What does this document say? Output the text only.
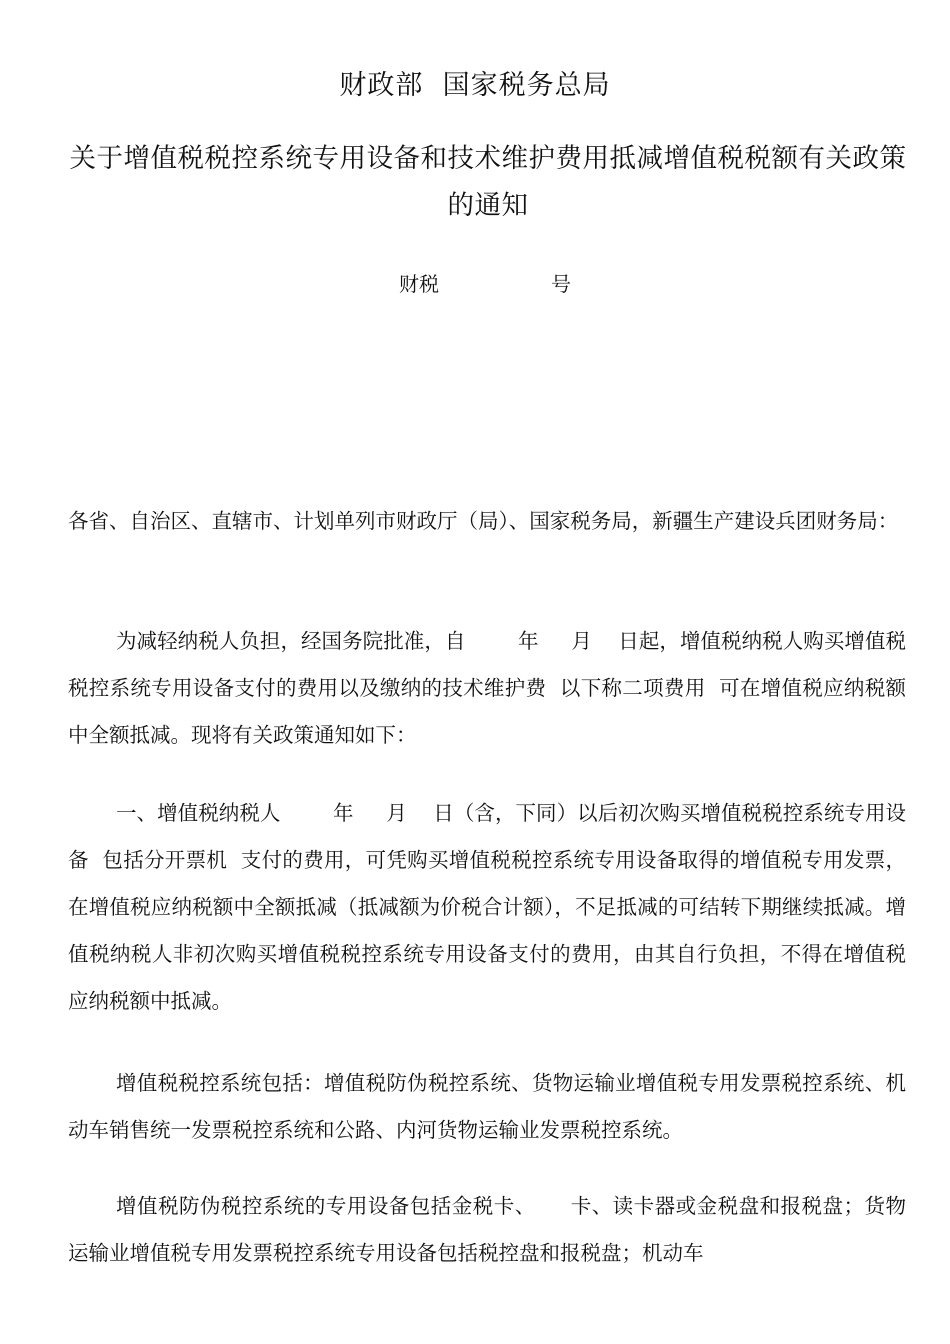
财政部  国家税务总局
关于增值税税控系统专用设备和技术维护费用抵减增值税税额有关政策的通知
财税	号

各省、自治区、直辖市、计划单列市财政厅（局）、国家税务局，新疆生产建设兵团财务局：

为减轻纳税人负担，经国务院批准，自        年     月    日起，增值税纳税人购买增值税税控系统专用设备支付的费用以及缴纳的技术维护费  以下称二项费用  可在增值税应纳税额中全额抵减。现将有关政策通知如下：

一、增值税纳税人        年     月    日（含，下同）以后初次购买增值税税控系统专用设备  包括分开票机  支付的费用，可凭购买增值税税控系统专用设备取得的增值税专用发票，在增值税应纳税额中全额抵减（抵减额为价税合计额），不足抵减的可结转下期继续抵减。增值税纳税人非初次购买增值税税控系统专用设备支付的费用，由其自行负担，不得在增值税应纳税额中抵减。

增值税税控系统包括：增值税防伪税控系统、货物运输业增值税专用发票税控系统、机动车销售统一发票税控系统和公路、内河货物运输业发票税控系统。

增值税防伪税控系统的专用设备包括金税卡、     卡、读卡器或金税盘和报税盘；货物运输业增值税专用发票税控系统专用设备包括税控盘和报税盘；机动车
